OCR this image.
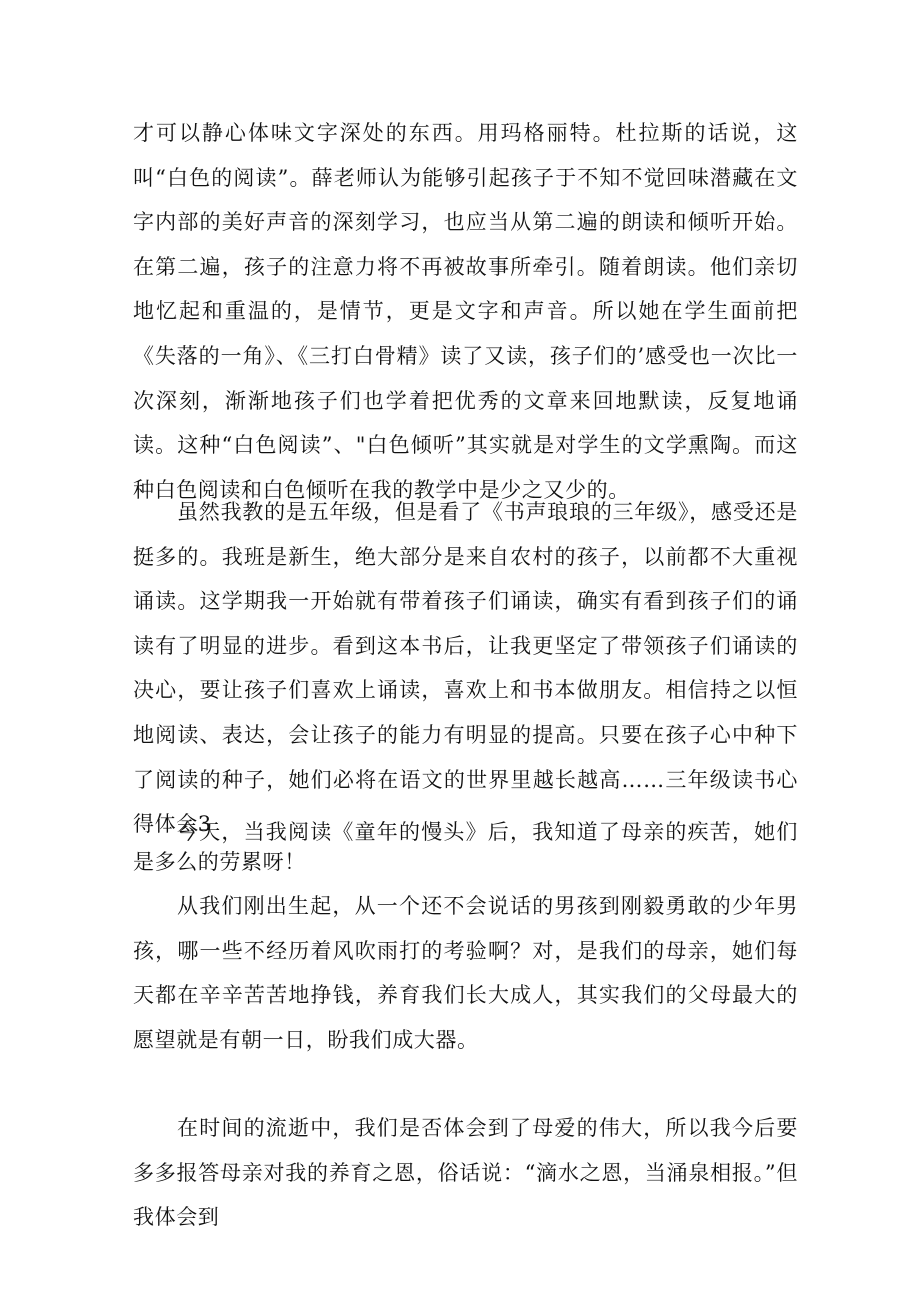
才可以静心体味文字深处的东西。用玛格丽特。杜拉斯的话说，这叫“白色的阅读”。薛老师认为能够引起孩子于不知不觉回味潜藏在文字内部的美好声音的深刻学习，也应当从第二遍的朗读和倾听开始。在第二遍，孩子的注意力将不再被故事所牵引。随着朗读。他们亲切地忆起和重温的，是情节，更是文字和声音。所以她在学生面前把《失落的一角》、《三打白骨精》读了又读，孩子们的’感受也一次比一次深刻，渐渐地孩子们也学着把优秀的文章来回地默读，反复地诵读。这种“白色阅读”、"白色倾听”其实就是对学生的文学熏陶。而这种白色阅读和白色倾听在我的教学中是少之又少的。

虽然我教的是五年级，但是看了《书声琅琅的三年级》，感受还是挺多的。我班是新生，绝大部分是来自农村的孩子，以前都不大重视诵读。这学期我一开始就有带着孩子们诵读，确实有看到孩子们的诵读有了明显的进步。看到这本书后，让我更坚定了带领孩子们诵读的决心，要让孩子们喜欢上诵读，喜欢上和书本做朋友。相信持之以恒地阅读、表达，会让孩子的能力有明显的提高。只要在孩子心中种下了阅读的种子，她们必将在语文的世界里越长越高……三年级读书心得体会3

今天，当我阅读《童年的慢头》后，我知道了母亲的疾苦，她们是多么的劳累呀！

从我们刚出生起，从一个还不会说话的男孩到刚毅勇敢的少年男孩，哪一些不经历着风吹雨打的考验啊？对，是我们的母亲，她们每天都在辛辛苦苦地挣钱，养育我们长大成人，其实我们的父母最大的愿望就是有朝一日，盼我们成大器。

在时间的流逝中，我们是否体会到了母爱的伟大，所以我今后要多多报答母亲对我的养育之恩，俗话说：“滴水之恩，当涌泉相报。”但我体会到
